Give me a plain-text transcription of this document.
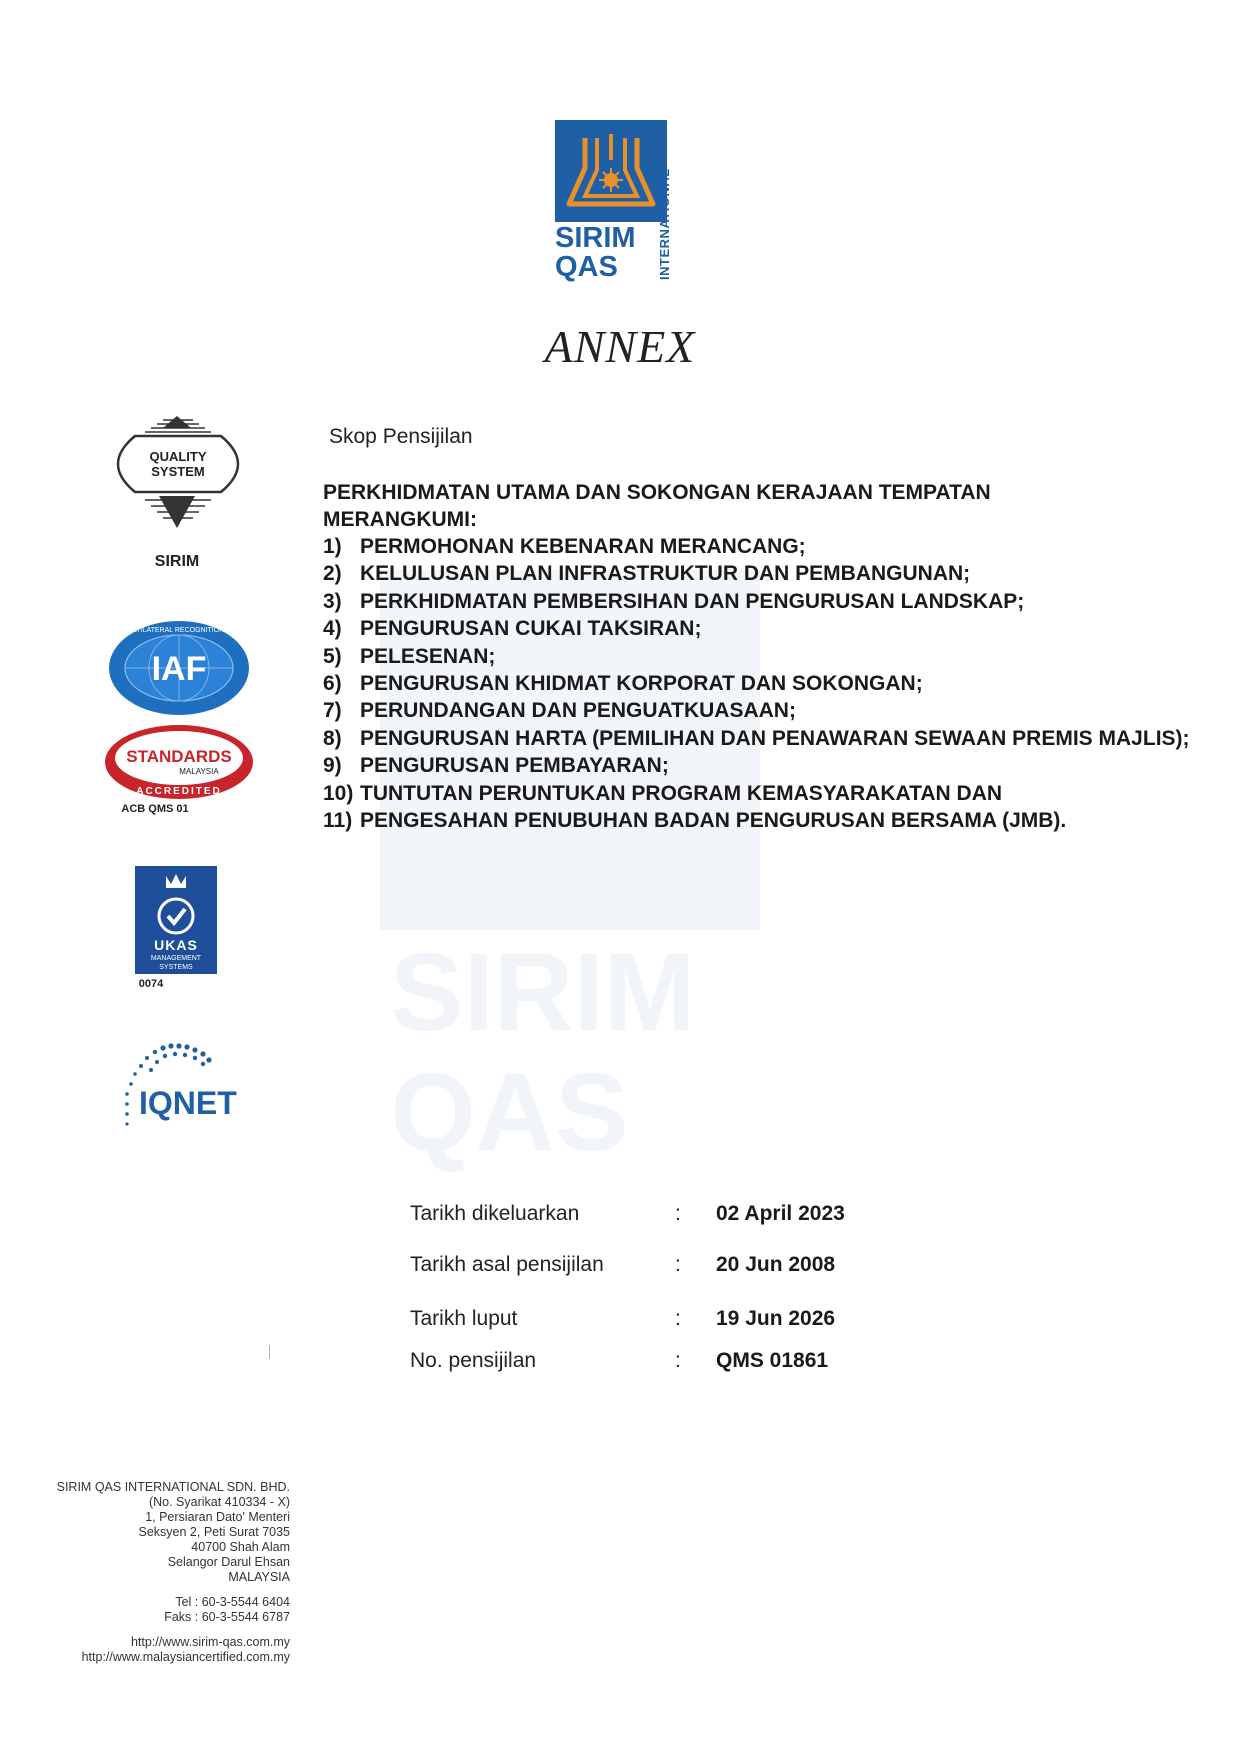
SIRIM
QAS
SIRIM
QAS	INTERNATIONAL
ANNEX
QUALITY
SYSTEM
SIRIM
IAF
MEMBER OF MULTILATERAL RECOGNITION ARRANGEMENT
STANDARDS
MALAYSIA
ACCREDITED
ACB QMS 01
UKAS
MANAGEMENT
SYSTEMS
0074
IQNET
Skop Pensijilan
PERKHIDMATAN UTAMA DAN SOKONGAN KERAJAAN TEMPATAN MERANGKUMI:
1) PERMOHONAN KEBENARAN MERANCANG;
2) KELULUSAN PLAN INFRASTRUKTUR DAN PEMBANGUNAN;
3) PERKHIDMATAN PEMBERSIHAN DAN PENGURUSAN LANDSKAP;
4) PENGURUSAN CUKAI TAKSIRAN;
5) PELESENAN;
6) PENGURUSAN KHIDMAT KORPORAT DAN SOKONGAN;
7) PERUNDANGAN DAN PENGUATKUASAAN;
8) PENGURUSAN HARTA (PEMILIHAN DAN PENAWARAN SEWAAN PREMIS MAJLIS);
9) PENGURUSAN PEMBAYARAN;
10) TUNTUTAN PERUNTUKAN PROGRAM KEMASYARAKATAN DAN
11) PENGESAHAN PENUBUHAN BADAN PENGURUSAN BERSAMA (JMB).
Tarikh dikeluarkan	: 02 April 2023
Tarikh asal pensijilan	: 20 Jun 2008
Tarikh luput	: 19 Jun 2026
No. pensijilan	: QMS 01861
SIRIM QAS INTERNATIONAL SDN. BHD.
(No. Syarikat 410334 - X)
1, Persiaran Dato' Menteri
Seksyen 2, Peti Surat 7035
40700 Shah Alam
Selangor Darul Ehsan
MALAYSIA
Tel : 60-3-5544 6404
Faks : 60-3-5544 6787
http://www.sirim-qas.com.my
http://www.malaysiancertified.com.my
